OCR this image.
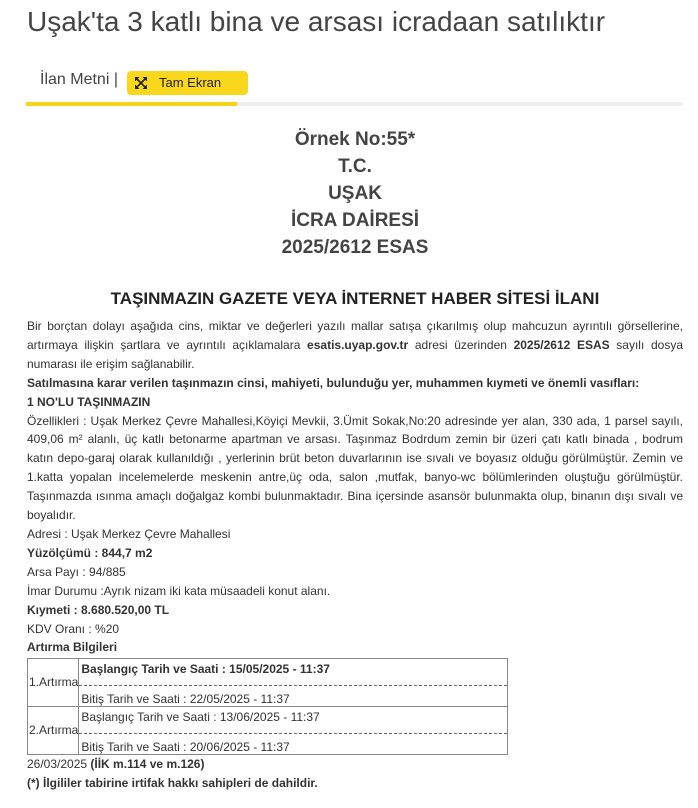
Uşak'ta 3 katlı bina ve arsası icradaan satılıktır
İlan Metni |	Tam Ekran
Örnek No:55*
T.C.
UŞAK
İCRA DAİRESİ
2025/2612 ESAS
TAŞINMAZIN GAZETE VEYA İNTERNET HABER SİTESİ İLANI

Bir borçtan dolayı aşağıda cins, miktar ve değerleri yazılı mallar satışa çıkarılmış olup mahcuzun ayrıntılı görsellerine, artırmaya ilişkin şartlara ve ayrıntılı açıklamalara esatis.uyap.gov.tr adresi üzerinden 2025/2612 ESAS sayılı dosya numarası ile erişim sağlanabilir.

Satılmasına karar verilen taşınmazın cinsi, mahiyeti, bulunduğu yer, muhammen kıymeti ve önemli vasıfları:

1 NO'LU TAŞINMAZIN

Özellikleri : Uşak Merkez Çevre Mahallesi,Köyiçi Mevkii, 3.Ümit Sokak,No:20 adresinde yer alan, 330 ada, 1 parsel sayılı, 409,06 m² alanlı, üç katlı betonarme apartman ve arsası. Taşınmaz Bodrdum zemin bir üzeri çatı katlı binada , bodrum katın depo-garaj olarak kullanıldığı , yerlerinin brüt beton duvarlarının ise sıvalı ve boyasız olduğu görülmüştür. Zemin ve 1.katta yopalan incelemelerde meskenin antre,üç oda, salon ,mutfak, banyo-wc bölümlerinden oluştuğu görülmüştür. Taşınmazda ısınma amaçlı doğalgaz kombi bulunmaktadır. Bina içersinde asansör bulunmakta olup, binanın dışı sıvalı ve boyalıdır.

Adresi : Uşak Merkez Çevre Mahallesi

Yüzölçümü : 844,7 m2

Arsa Payı : 94/885

İmar Durumu :Ayrık nizam iki kata müsaadeli konut alanı.

Kıymeti : 8.680.520,00 TL

KDV Oranı : %20

Artırma Bilgileri

1.Artırma	Başlangıç Tarih ve Saati : 15/05/2025 - 11:37
Bitiş Tarih ve Saati : 22/05/2025 - 11:37

2.Artırma	Başlangıç Tarih ve Saati : 13/06/2025 - 11:37
Bitiş Tarih ve Saati : 20/06/2025 - 11:37

26/03/2025 (İİK m.114 ve m.126)

(*) İlgililer tabirine irtifak hakkı sahipleri de dahildir.
